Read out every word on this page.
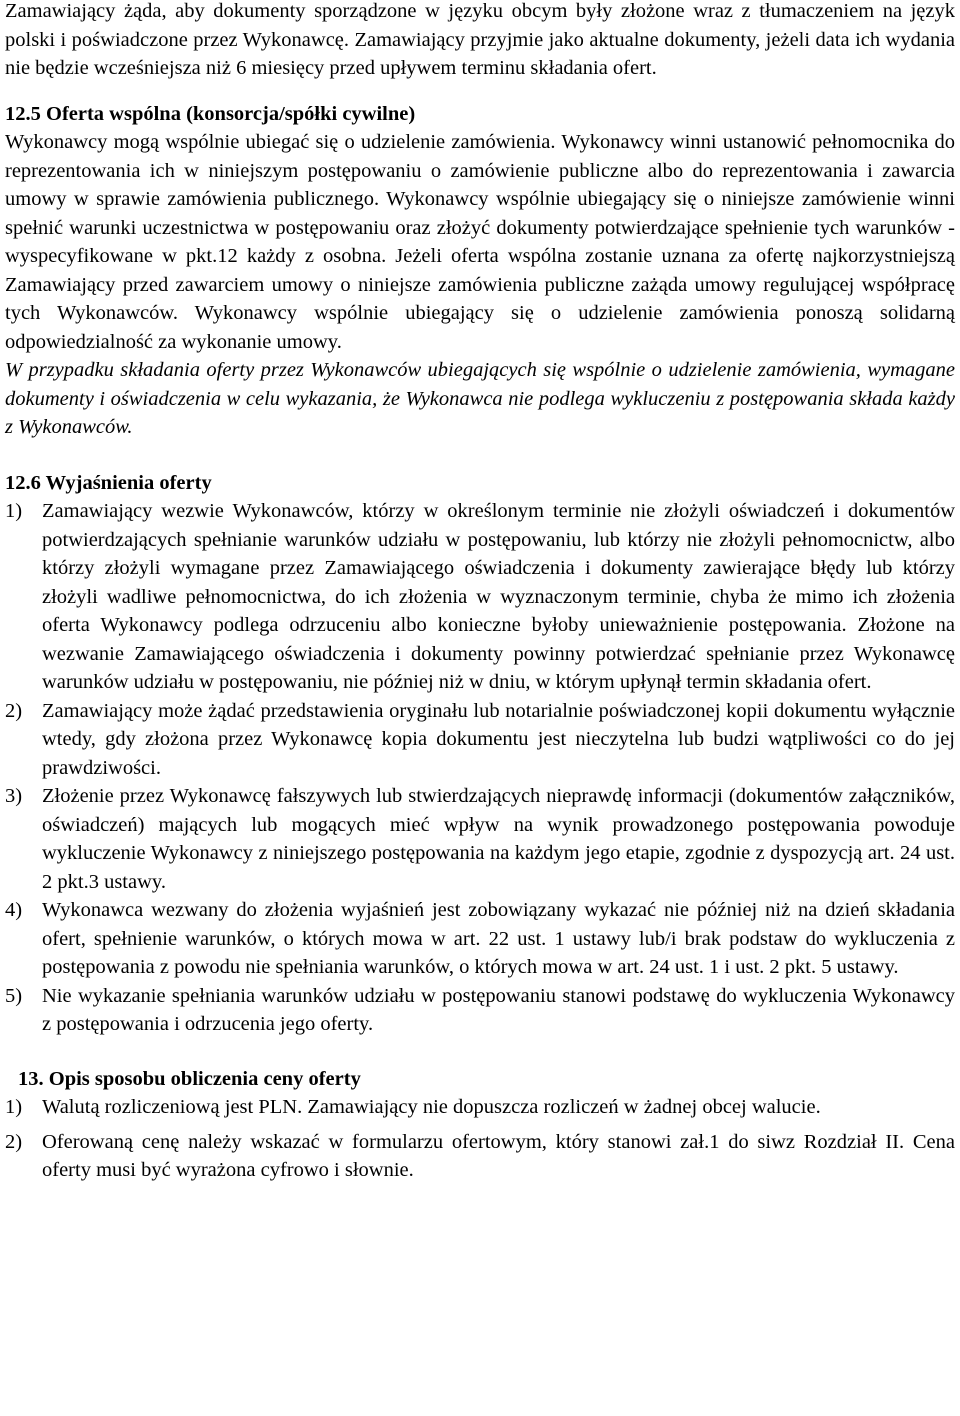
Zamawiający żąda, aby dokumenty sporządzone w języku obcym były złożone wraz z tłumaczeniem na język polski i poświadczone przez Wykonawcę. Zamawiający przyjmie jako aktualne dokumenty, jeżeli data ich wydania nie będzie wcześniejsza niż 6 miesięcy przed upływem terminu składania ofert.

12.5 Oferta wspólna (konsorcja/spółki cywilne)

Wykonawcy mogą wspólnie ubiegać się o udzielenie zamówienia. Wykonawcy winni ustanowić pełnomocnika do reprezentowania ich w niniejszym postępowaniu o zamówienie publiczne albo do reprezentowania i zawarcia umowy w sprawie zamówienia publicznego. Wykonawcy wspólnie ubiegający się o niniejsze zamówienie winni spełnić warunki uczestnictwa w postępowaniu oraz złożyć dokumenty potwierdzające spełnienie tych warunków - wyspecyfikowane w pkt.12 każdy z osobna. Jeżeli oferta wspólna zostanie uznana za ofertę najkorzystniejszą Zamawiający przed zawarciem umowy o niniejsze zamówienia publiczne zażąda umowy regulującej współpracę tych Wykonawców. Wykonawcy wspólnie ubiegający się o udzielenie zamówienia ponoszą solidarną odpowiedzialność za wykonanie umowy.

W przypadku składania oferty przez Wykonawców ubiegających się wspólnie o udzielenie zamówienia, wymagane dokumenty i oświadczenia w celu wykazania, że Wykonawca nie podlega wykluczeniu z postępowania składa każdy z Wykonawców.

12.6 Wyjaśnienia oferty

1) Zamawiający wezwie Wykonawców, którzy w określonym terminie nie złożyli oświadczeń i dokumentów potwierdzających spełnianie warunków udziału w postępowaniu, lub którzy nie złożyli pełnomocnictw, albo którzy złożyli wymagane przez Zamawiającego oświadczenia i dokumenty zawierające błędy lub którzy złożyli wadliwe pełnomocnictwa, do ich złożenia w wyznaczonym terminie, chyba że mimo ich złożenia oferta Wykonawcy podlega odrzuceniu albo konieczne byłoby unieważnienie postępowania. Złożone na wezwanie Zamawiającego oświadczenia i dokumenty powinny potwierdzać spełnianie przez Wykonawcę warunków udziału w postępowaniu, nie później niż w dniu, w którym upłynął termin składania ofert.
2) Zamawiający może żądać przedstawienia oryginału lub notarialnie poświadczonej kopii dokumentu wyłącznie wtedy, gdy złożona przez Wykonawcę kopia dokumentu jest nieczytelna lub budzi wątpliwości co do jej prawdziwości.
3) Złożenie przez Wykonawcę fałszywych lub stwierdzających nieprawdę informacji (dokumentów załączników, oświadczeń) mających lub mogących mieć wpływ na wynik prowadzonego postępowania powoduje wykluczenie Wykonawcy z niniejszego postępowania na każdym jego etapie, zgodnie z dyspozycją art. 24 ust. 2 pkt.3 ustawy.
4) Wykonawca wezwany do złożenia wyjaśnień jest zobowiązany wykazać nie później niż na dzień składania ofert, spełnienie warunków, o których mowa w art. 22 ust. 1 ustawy lub/i brak podstaw do wykluczenia z postępowania z powodu nie spełniania warunków, o których mowa w art. 24 ust. 1 i ust. 2 pkt. 5 ustawy.
5) Nie wykazanie spełniania warunków udziału w postępowaniu stanowi podstawę do wykluczenia Wykonawcy z postępowania i odrzucenia jego oferty.

13. Opis sposobu obliczenia ceny oferty

1) Walutą rozliczeniową jest PLN. Zamawiający nie dopuszcza rozliczeń w żadnej obcej walucie.
2) Oferowaną cenę należy wskazać w formularzu ofertowym, który stanowi zał.1 do siwz Rozdział II. Cena oferty musi być wyrażona cyfrowo i słownie.
